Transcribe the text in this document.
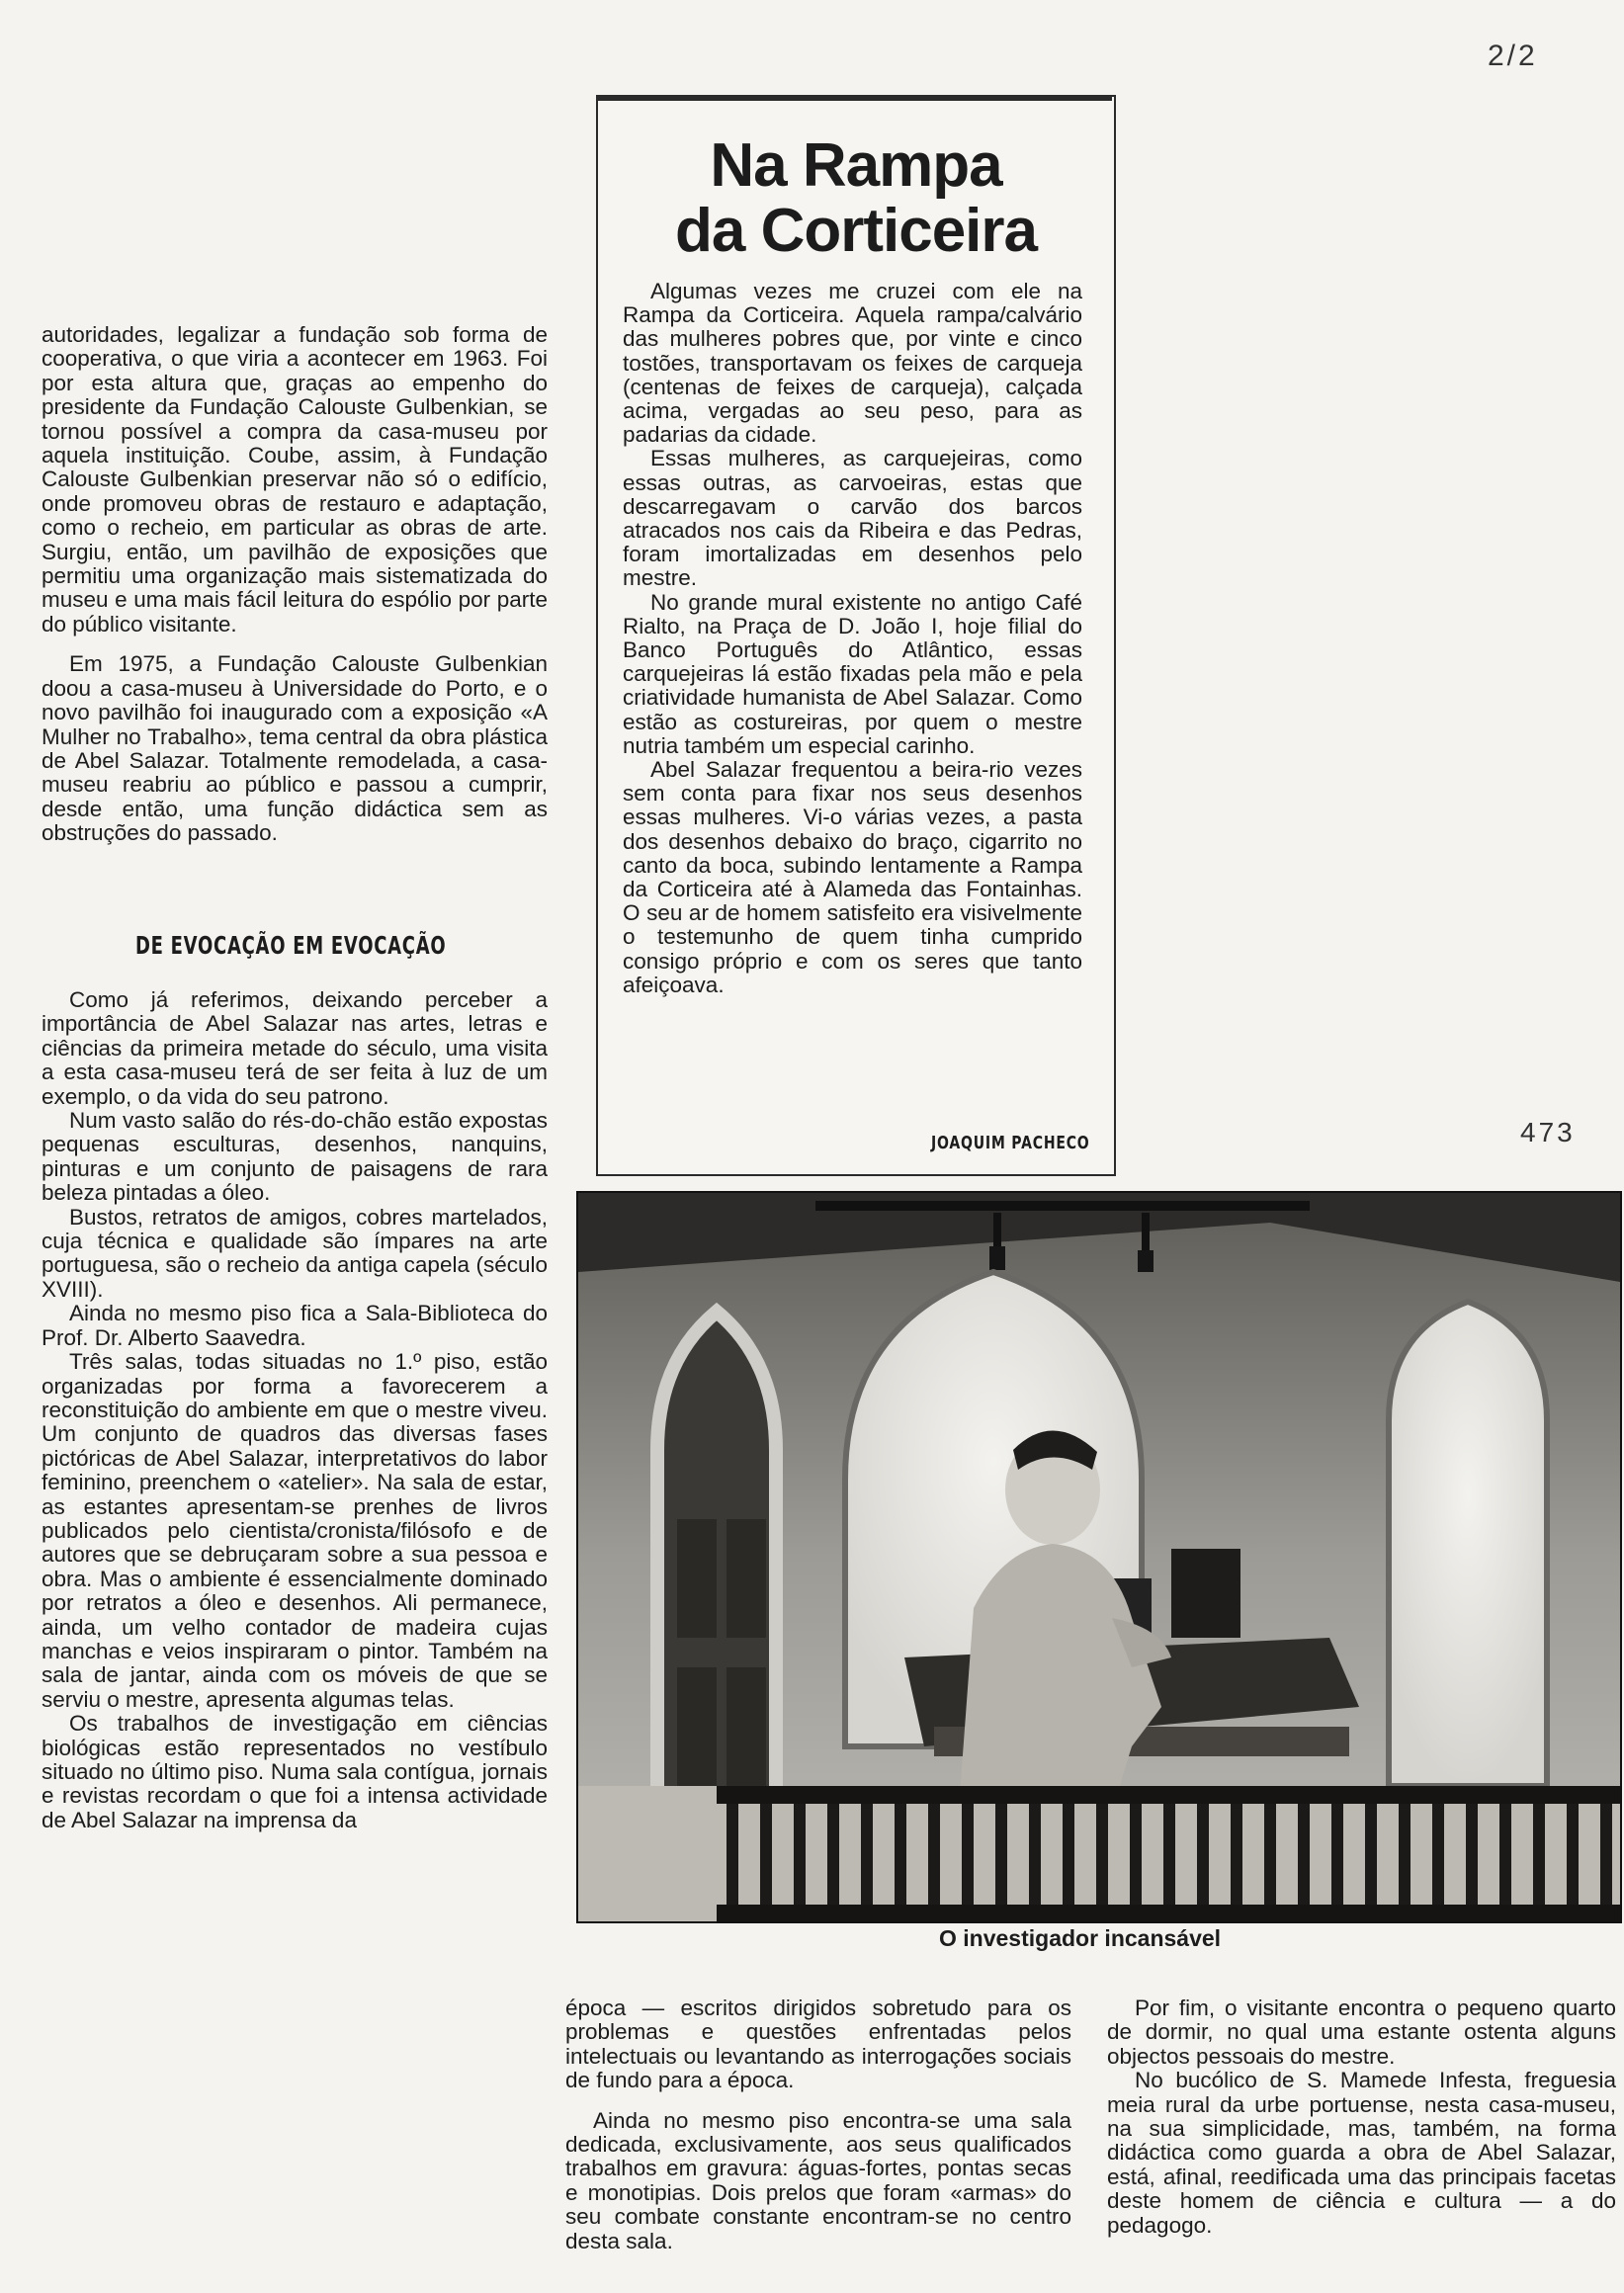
2/2

autoridades, legalizar a fundação sob forma de cooperativa, o que viria a acontecer em 1963. Foi por esta altura que, graças ao empenho do presidente da Fundação Calouste Gulbenkian, se tornou possível a compra da casa-museu por aquela instituição. Coube, assim, à Fundação Calouste Gulbenkian preservar não só o edifício, onde promoveu obras de restauro e adaptação, como o recheio, em particular as obras de arte. Surgiu, então, um pavilhão de exposições que permitiu uma organização mais sistematizada do museu e uma mais fácil leitura do espólio por parte do público visitante.

Em 1975, a Fundação Calouste Gulbenkian doou a casa-museu à Universidade do Porto, e o novo pavilhão foi inaugurado com a exposição «A Mulher no Trabalho», tema central da obra plástica de Abel Salazar. Totalmente remodelada, a casa-museu reabriu ao público e passou a cumprir, desde então, uma função didáctica sem as obstruções do passado.

DE EVOCAÇÃO EM EVOCAÇÃO

Como já referimos, deixando perceber a importância de Abel Salazar nas artes, letras e ciências da primeira metade do século, uma visita a esta casa-museu terá de ser feita à luz de um exemplo, o da vida do seu patrono.

Num vasto salão do rés-do-chão estão expostas pequenas esculturas, desenhos, nanquins, pinturas e um conjunto de paisagens de rara beleza pintadas a óleo.

Bustos, retratos de amigos, cobres martelados, cuja técnica e qualidade são ímpares na arte portuguesa, são o recheio da antiga capela (século XVIII).

Ainda no mesmo piso fica a Sala-Biblioteca do Prof. Dr. Alberto Saavedra.

Três salas, todas situadas no 1.º piso, estão organizadas por forma a favorecerem a reconstituição do ambiente em que o mestre viveu. Um conjunto de quadros das diversas fases pictóricas de Abel Salazar, interpretativos do labor feminino, preenchem o «atelier». Na sala de estar, as estantes apresentam-se prenhes de livros publicados pelo cientista/cronista/filósofo e de autores que se debruçaram sobre a sua pessoa e obra. Mas o ambiente é essencialmente dominado por retratos a óleo e desenhos. Ali permanece, ainda, um velho contador de madeira cujas manchas e veios inspiraram o pintor. Também na sala de jantar, ainda com os móveis de que se serviu o mestre, apresenta algumas telas.

Os trabalhos de investigação em ciências biológicas estão representados no vestíbulo situado no último piso. Numa sala contígua, jornais e revistas recordam o que foi a intensa actividade de Abel Salazar na imprensa da

Na Rampa
da Corticeira

Algumas vezes me cruzei com ele na Rampa da Corticeira. Aquela rampa/calvário das mulheres pobres que, por vinte e cinco tostões, transportavam os feixes de carqueja (centenas de feixes de carqueja), calçada acima, vergadas ao seu peso, para as padarias da cidade.

Essas mulheres, as carquejeiras, como essas outras, as carvoeiras, estas que descarregavam o carvão dos barcos atracados nos cais da Ribeira e das Pedras, foram imortalizadas em desenhos pelo mestre.

No grande mural existente no antigo Café Rialto, na Praça de D. João I, hoje filial do Banco Português do Atlântico, essas carquejeiras lá estão fixadas pela mão e pela criatividade humanista de Abel Salazar. Como estão as costureiras, por quem o mestre nutria também um especial carinho.

Abel Salazar frequentou a beira-rio vezes sem conta para fixar nos seus desenhos essas mulheres. Vi-o várias vezes, a pasta dos desenhos debaixo do braço, cigarrito no canto da boca, subindo lentamente a Rampa da Corticeira até à Alameda das Fontainhas. O seu ar de homem satisfeito era visivelmente o testemunho de quem tinha cumprido consigo próprio e com os seres que tanto afeiçoava.

JOAQUIM PACHECO	473
O investigador incansável

época — escritos dirigidos sobretudo para os problemas e questões enfrentadas pelos intelectuais ou levantando as interrogações sociais de fundo para a época.

Ainda no mesmo piso encontra-se uma sala dedicada, exclusivamente, aos seus qualificados trabalhos em gravura: águas-fortes, pontas secas e monotipias. Dois prelos que foram «armas» do seu combate constante encontram-se no centro desta sala.

Por fim, o visitante encontra o pequeno quarto de dormir, no qual uma estante ostenta alguns objectos pessoais do mestre.

No bucólico de S. Mamede Infesta, freguesia meia rural da urbe portuense, nesta casa-museu, na sua simplicidade, mas, também, na forma didáctica como guarda a obra de Abel Salazar, está, afinal, reedificada uma das principais facetas deste homem de ciência e cultura — a do pedagogo.
